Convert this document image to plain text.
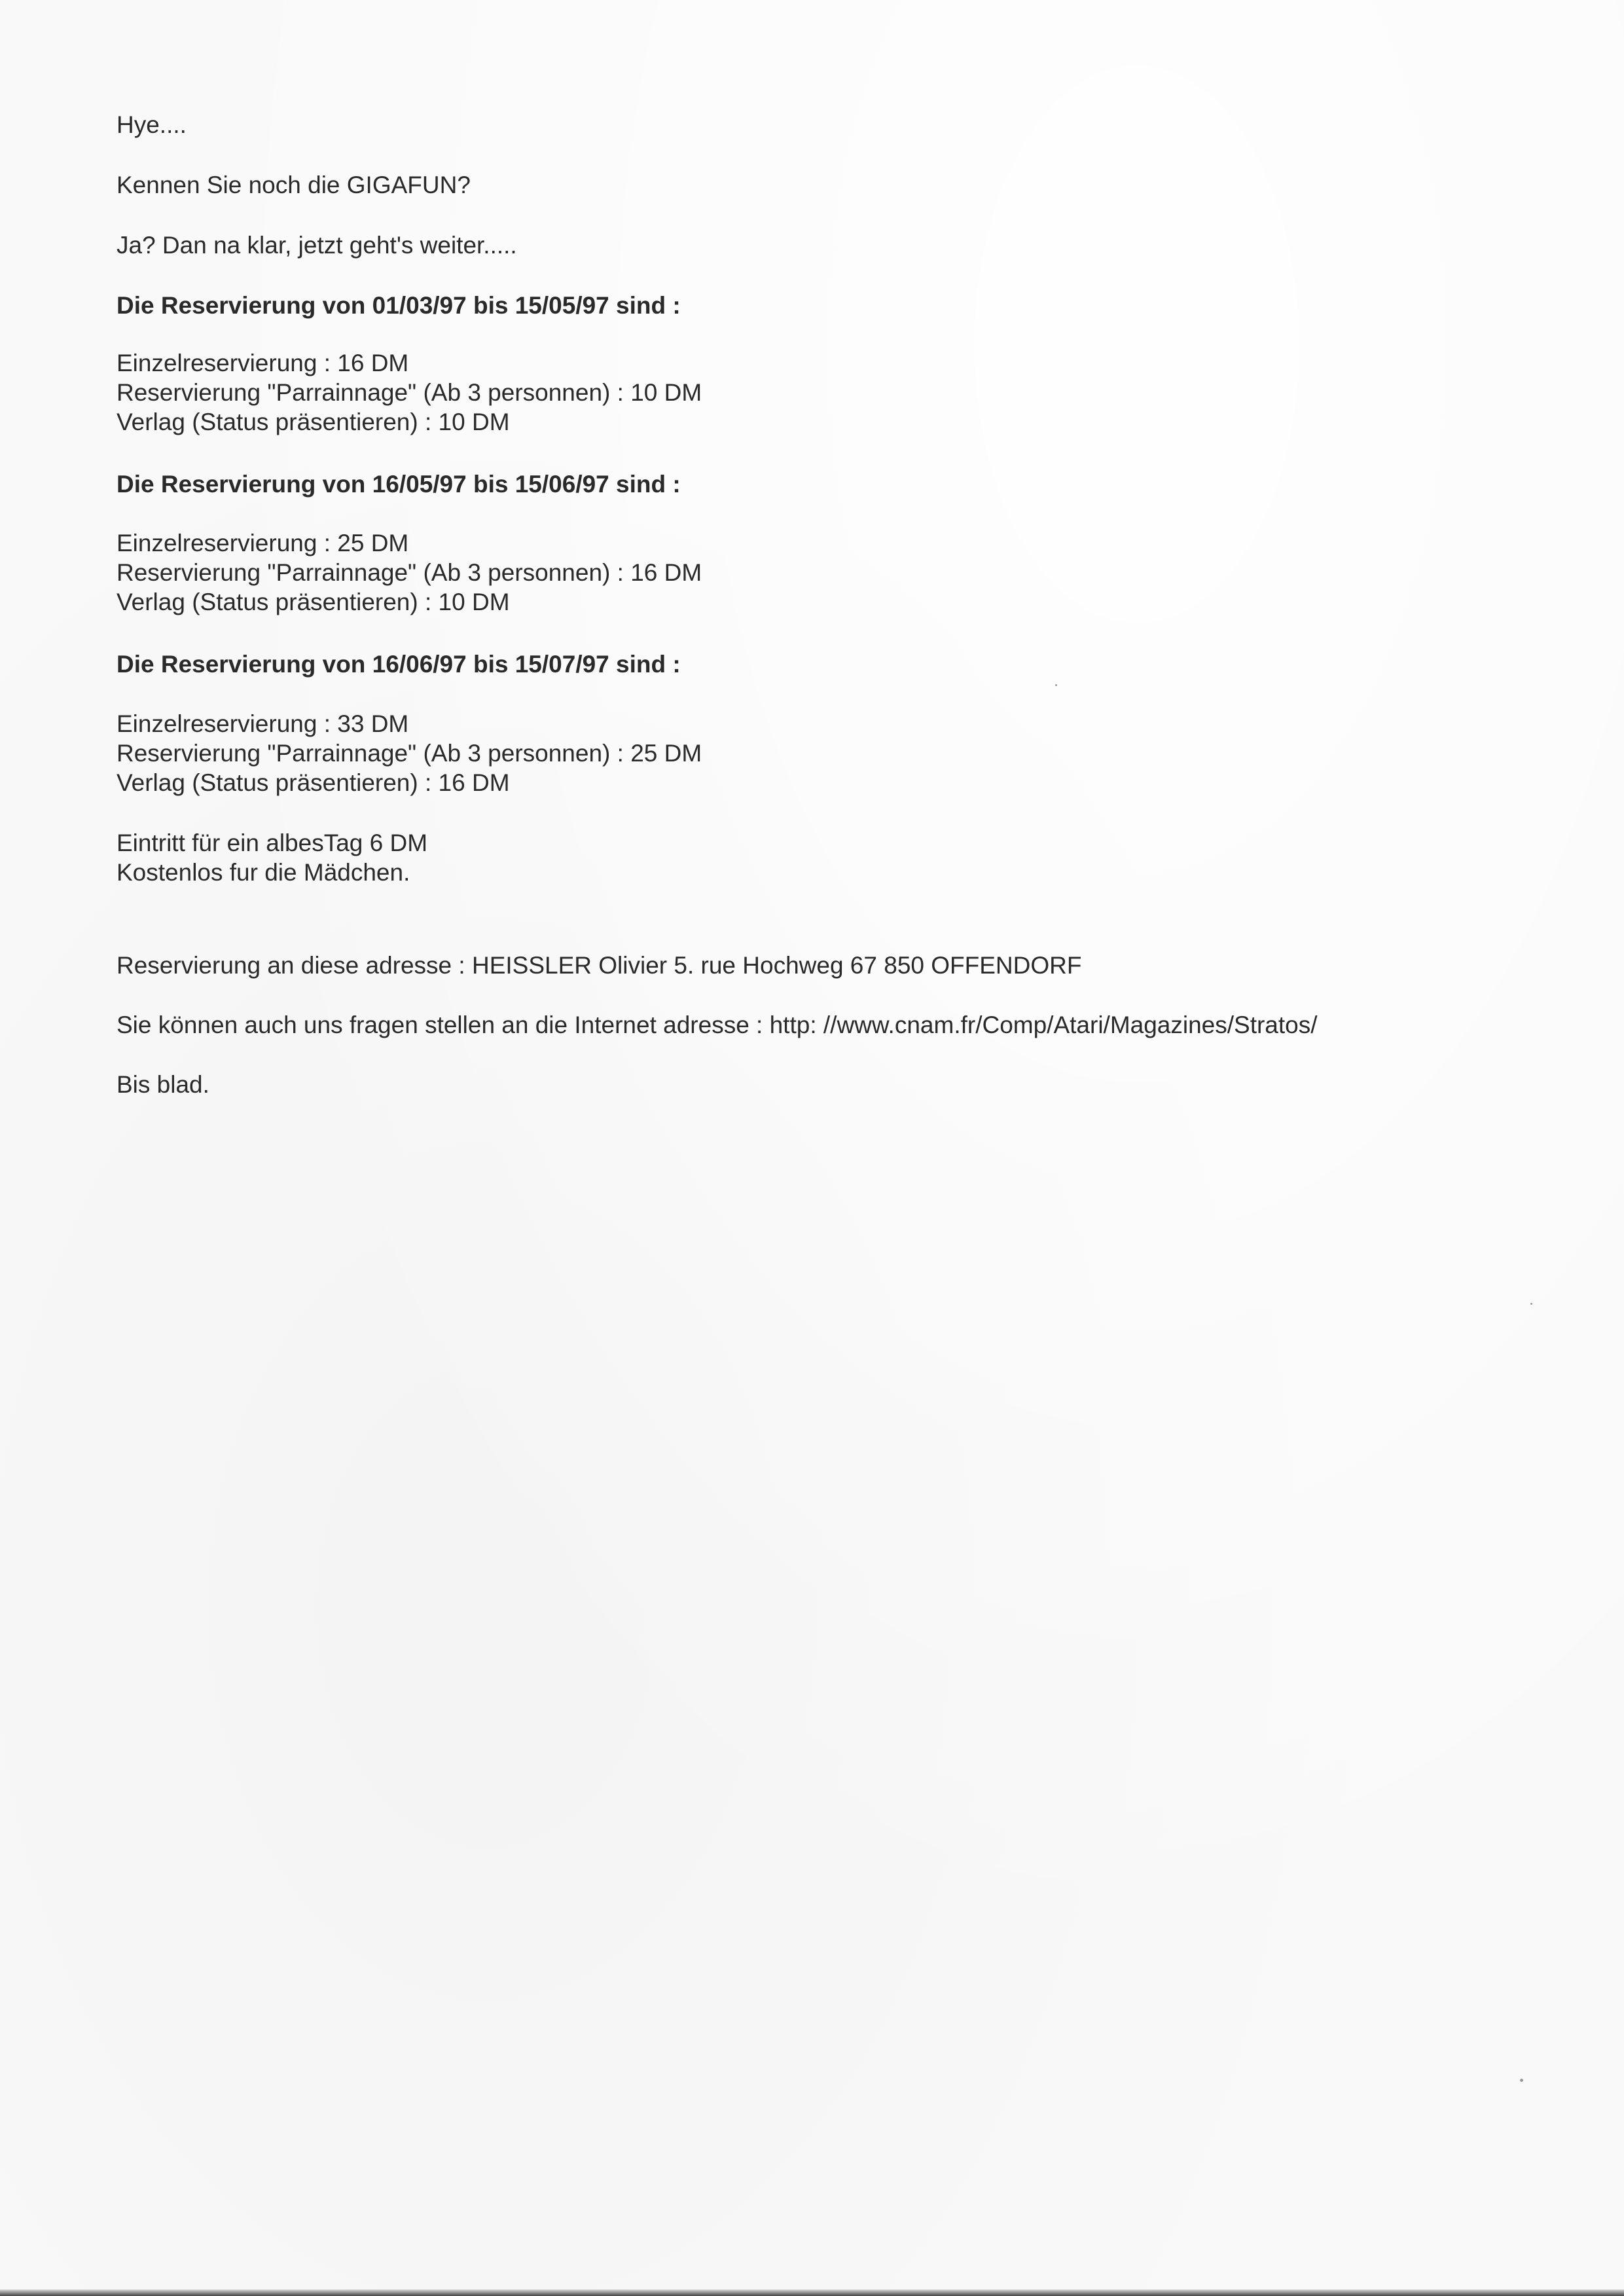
Hye....

Kennen Sie noch die GIGAFUN?

Ja? Dan na klar, jetzt geht's weiter.....

Die Reservierung von 01/03/97 bis 15/05/97 sind :

Einzelreservierung : 16 DM

Reservierung "Parrainnage" (Ab 3 personnen) : 10 DM

Verlag (Status präsentieren) : 10 DM

Die Reservierung von 16/05/97 bis 15/06/97 sind :

Einzelreservierung : 25 DM

Reservierung "Parrainnage" (Ab 3 personnen) : 16 DM

Verlag (Status präsentieren) : 10 DM

Die Reservierung von 16/06/97 bis 15/07/97 sind :

Einzelreservierung : 33 DM

Reservierung "Parrainnage" (Ab 3 personnen) : 25 DM

Verlag (Status präsentieren) : 16 DM

Eintritt für ein albesTag 6 DM

Kostenlos fur die Mädchen.

Reservierung an diese adresse : HEISSLER Olivier 5. rue Hochweg 67 850 OFFENDORF

Sie können auch uns fragen stellen an die Internet adresse : http: //www.cnam.fr/Comp/Atari/Magazines/Stratos/

Bis blad.
